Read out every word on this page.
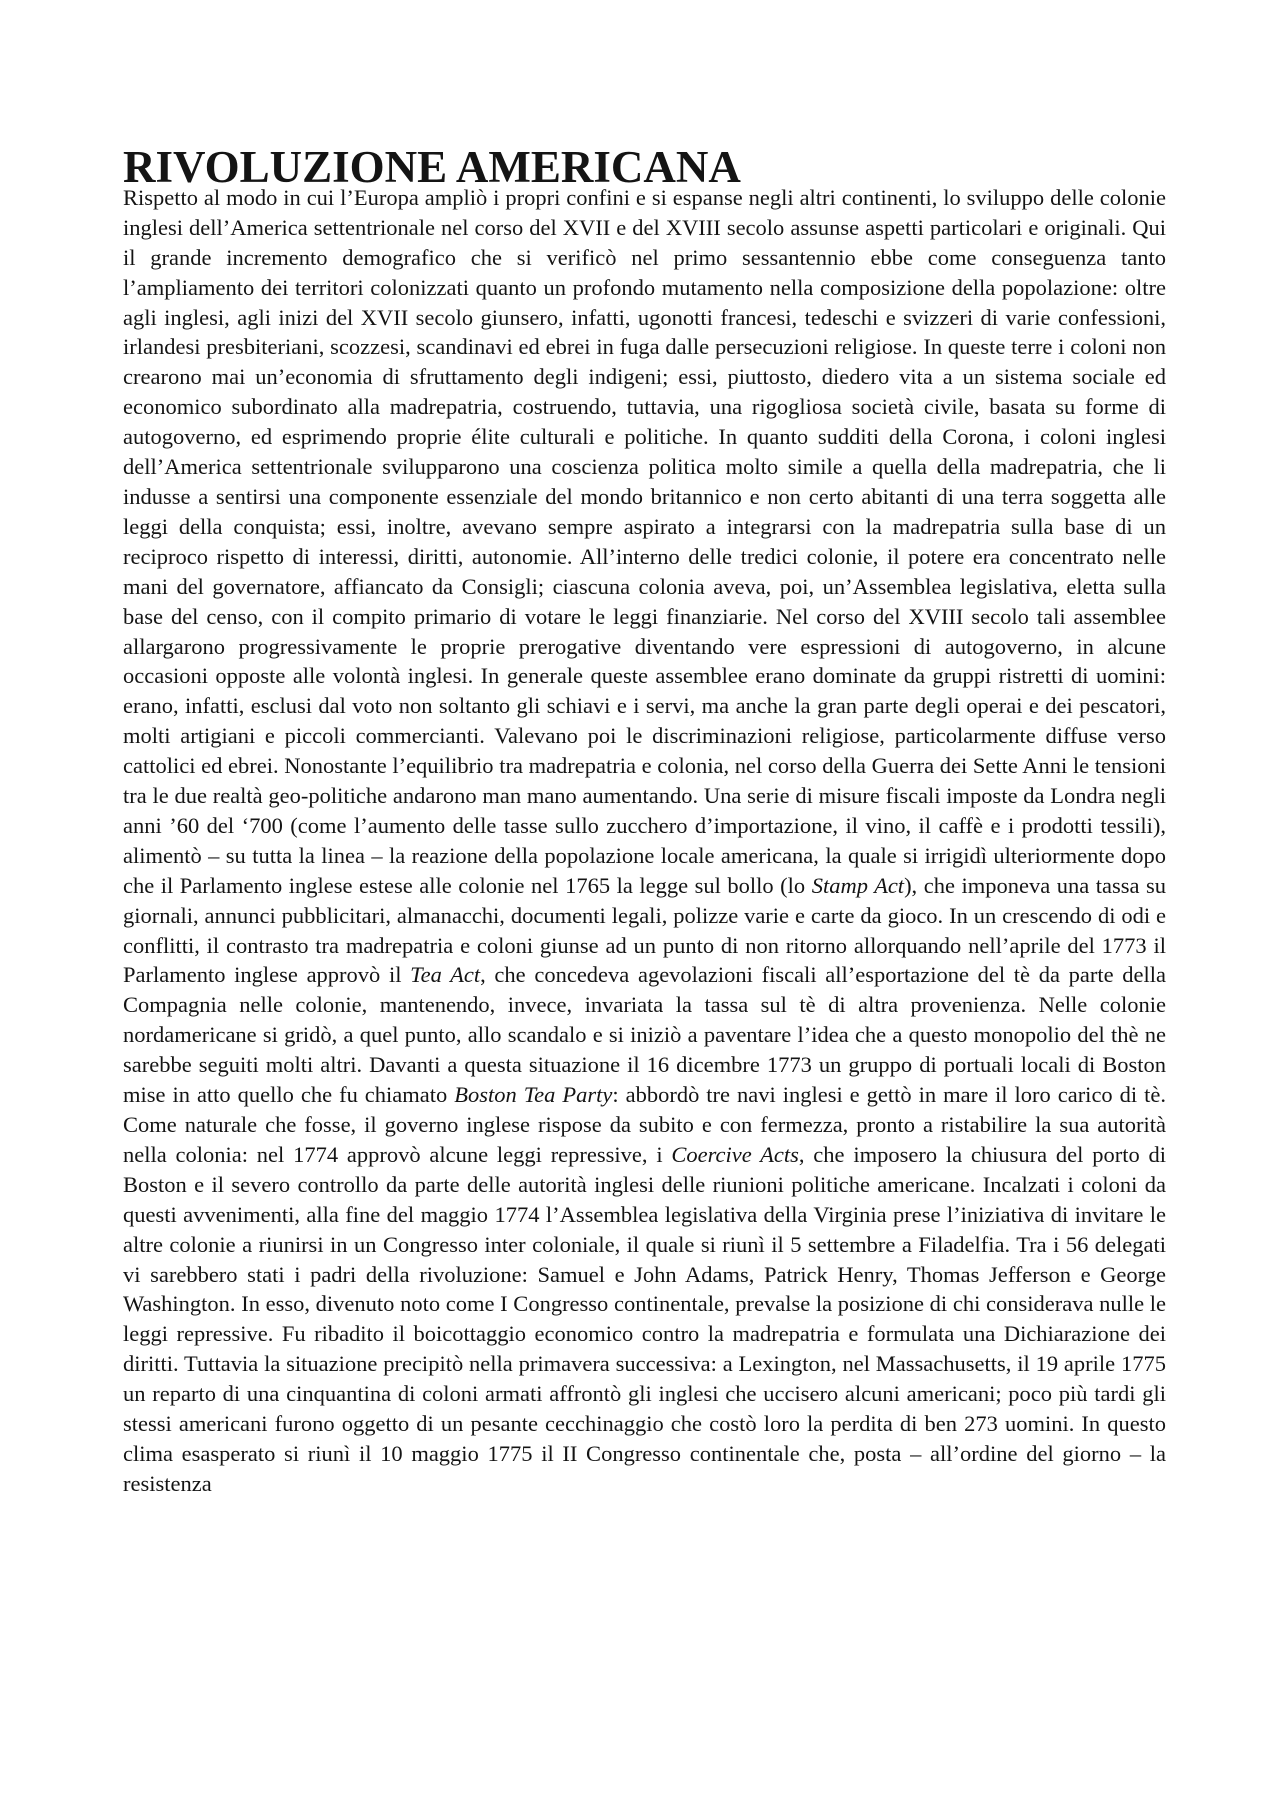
RIVOLUZIONE AMERICANA

Rispetto al modo in cui l’Europa ampliò i propri confini e si espanse negli altri continenti, lo sviluppo delle colonie inglesi dell’America settentrionale nel corso del XVII e del XVIII secolo assunse aspetti particolari e originali. Qui il grande incremento demografico che si verificò nel primo sessantennio ebbe come conseguenza tanto l’ampliamento dei territori colonizzati quanto un profondo mutamento nella composizione della popolazione: oltre agli inglesi, agli inizi del XVII secolo giunsero, infatti, ugonotti francesi, tedeschi e svizzeri di varie confessioni, irlandesi presbiteriani, scozzesi, scandinavi ed ebrei in fuga dalle persecuzioni religiose. In queste terre i coloni non crearono mai un’economia di sfruttamento degli indigeni; essi, piuttosto, diedero vita a un sistema sociale ed economico subordinato alla madrepatria, costruendo, tuttavia, una rigogliosa società civile, basata su forme di autogoverno, ed esprimendo proprie élite culturali e politiche. In quanto sudditi della Corona, i coloni inglesi dell’America settentrionale svilupparono una coscienza politica molto simile a quella della madrepatria, che li indusse a sentirsi una componente essenziale del mondo britannico e non certo abitanti di una terra soggetta alle leggi della conquista; essi, inoltre, avevano sempre aspirato a integrarsi con la madrepatria sulla base di un reciproco rispetto di interessi, diritti, autonomie. All’interno delle tredici colonie, il potere era concentrato nelle mani del governatore, affiancato da Consigli; ciascuna colonia aveva, poi, un’Assemblea legislativa, eletta sulla base del censo, con il compito primario di votare le leggi finanziarie. Nel corso del XVIII secolo tali assemblee allargarono progressivamente le proprie prerogative diventando vere espressioni di autogoverno, in alcune occasioni opposte alle volontà inglesi. In generale queste assemblee erano dominate da gruppi ristretti di uomini: erano, infatti, esclusi dal voto non soltanto gli schiavi e i servi, ma anche la gran parte degli operai e dei pescatori, molti artigiani e piccoli commercianti. Valevano poi le discriminazioni religiose, particolarmente diffuse verso cattolici ed ebrei. Nonostante l’equilibrio tra madrepatria e colonia, nel corso della Guerra dei Sette Anni le tensioni tra le due realtà geo-politiche andarono man mano aumentando. Una serie di misure fiscali imposte da Londra negli anni ’60 del ‘700 (come l’aumento delle tasse sullo zucchero d’importazione, il vino, il caffè e i prodotti tessili), alimentò – su tutta la linea – la reazione della popolazione locale americana, la quale si irrigidì ulteriormente dopo che il Parlamento inglese estese alle colonie nel 1765 la legge sul bollo (lo Stamp Act), che imponeva una tassa su giornali, annunci pubblicitari, almanacchi, documenti legali, polizze varie e carte da gioco. In un crescendo di odi e conflitti, il contrasto tra madrepatria e coloni giunse ad un punto di non ritorno allorquando nell’aprile del 1773 il Parlamento inglese approvò il Tea Act, che concedeva agevolazioni fiscali all’esportazione del tè da parte della Compagnia nelle colonie, mantenendo, invece, invariata la tassa sul tè di altra provenienza. Nelle colonie nordamericane si gridò, a quel punto, allo scandalo e si iniziò a paventare l’idea che a questo monopolio del thè ne sarebbe seguiti molti altri. Davanti a questa situazione il 16 dicembre 1773 un gruppo di portuali locali di Boston mise in atto quello che fu chiamato Boston Tea Party: abbordò tre navi inglesi e gettò in mare il loro carico di tè. Come naturale che fosse, il governo inglese rispose da subito e con fermezza, pronto a ristabilire la sua autorità nella colonia: nel 1774 approvò alcune leggi repressive, i Coercive Acts, che imposero la chiusura del porto di Boston e il severo controllo da parte delle autorità inglesi delle riunioni politiche americane. Incalzati i coloni da questi avvenimenti, alla fine del maggio 1774 l’Assemblea legislativa della Virginia prese l’iniziativa di invitare le altre colonie a riunirsi in un Congresso inter coloniale, il quale si riunì il 5 settembre a Filadelfia. Tra i 56 delegati vi sarebbero stati i padri della rivoluzione: Samuel e John Adams, Patrick Henry, Thomas Jefferson e George Washington. In esso, divenuto noto come I Congresso continentale, prevalse la posizione di chi considerava nulle le leggi repressive. Fu ribadito il boicottaggio economico contro la madrepatria e formulata una Dichiarazione dei diritti. Tuttavia la situazione precipitò nella primavera successiva: a Lexington, nel Massachusetts, il 19 aprile 1775 un reparto di una cinquantina di coloni armati affrontò gli inglesi che uccisero alcuni americani; poco più tardi gli stessi americani furono oggetto di un pesante cecchinaggio che costò loro la perdita di ben 273 uomini. In questo clima esasperato si riunì il 10 maggio 1775 il II Congresso continentale che, posta – all’ordine del giorno – la resistenza
